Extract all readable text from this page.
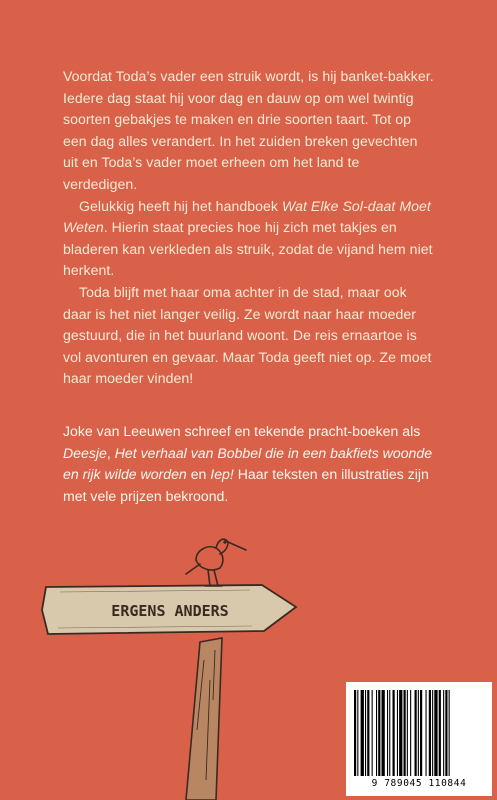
Voordat Toda’s vader een struik wordt, is hij banket-bakker. Iedere dag staat hij voor dag en dauw op om wel twintig soorten gebakjes te maken en drie soorten taart. Tot op een dag alles verandert. In het zuiden breken gevechten uit en Toda’s vader moet erheen om het land te verdedigen.

Gelukkig heeft hij het handboek Wat Elke Sol-daat Moet Weten. Hierin staat precies hoe hij zich met takjes en bladeren kan verkleden als struik, zodat de vijand hem niet herkent.

Toda blijft met haar oma achter in de stad, maar ook daar is het niet langer veilig. Ze wordt naar haar moeder gestuurd, die in het buurland woont. De reis ernaartoe is vol avonturen en gevaar. Maar Toda geeft niet op. Ze moet haar moeder vinden!

Joke van Leeuwen schreef en tekende pracht-boeken als Deesje, Het verhaal van Bobbel die in een bakfiets woonde en rijk wilde worden en Iep! Haar teksten en illustraties zijn met vele prijzen bekroond.

ERGENS ANDERS
9 789045 110844
